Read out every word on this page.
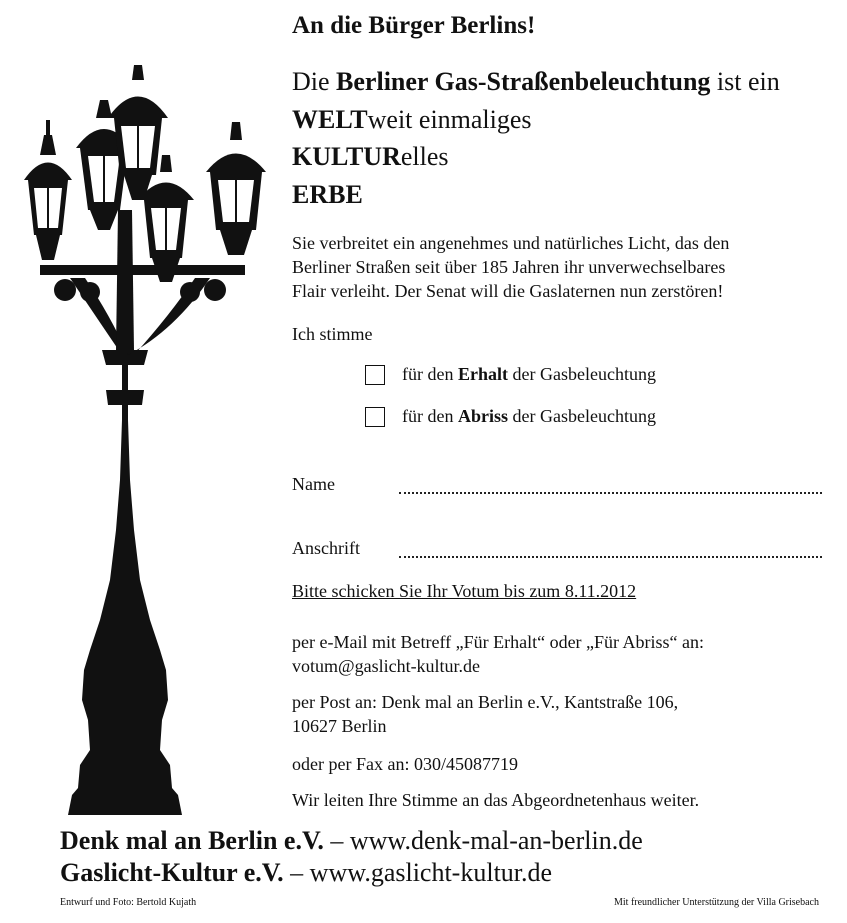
An die Bürger Berlins!
Die Berliner Gas-Straßenbeleuchtung ist ein
WELTweit einmaliges
KULTURelles
ERBE
Sie verbreitet ein angenehmes und natürliches Licht, das den
Berliner Straßen seit über 185 Jahren ihr unverwechselbares
Flair verleiht. Der Senat will die Gaslaternen nun zerstören!
Ich stimme
für den
Erhalt
der Gasbeleuchtung
für den
Abriss
der Gasbeleuchtung
Name
Anschrift
Bitte schicken Sie Ihr Votum bis zum 8.11.2012
per e-Mail mit Betreff „Für Erhalt“ oder „Für Abriss“ an:
votum@gaslicht-kultur.de
per Post an: Denk mal an Berlin e.V., Kantstraße 106,
10627 Berlin
oder per Fax an: 030/45087719
Wir leiten Ihre Stimme an das Abgeordnetenhaus weiter.
Denk mal an Berlin e.V. – www.denk-mal-an-berlin.de
Gaslicht-Kultur e.V. – www.gaslicht-kultur.de
Entwurf und Foto: Bertold Kujath	Mit freundlicher Unterstützung der Villa Grisebach
